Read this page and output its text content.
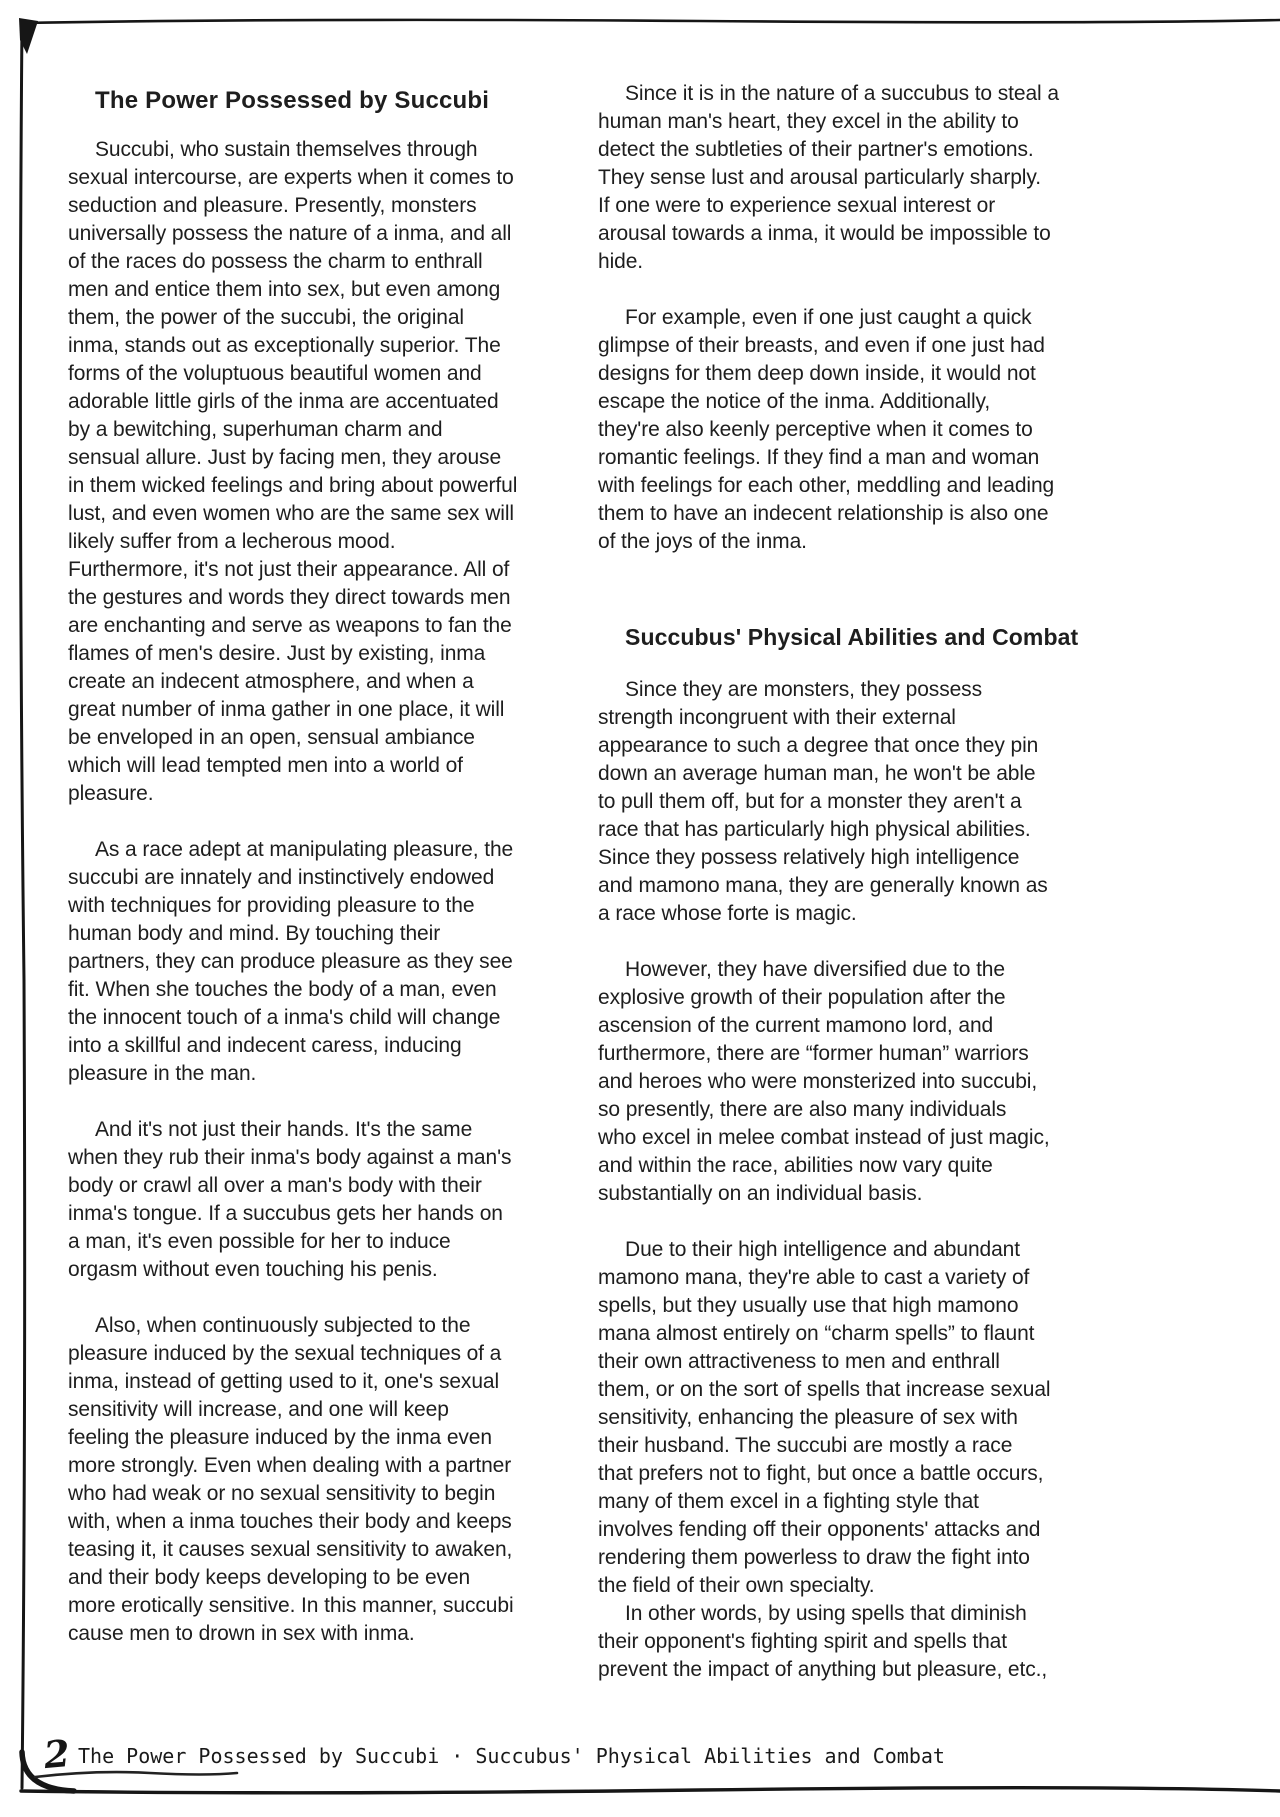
The Power Possessed by Succubi
Succubi, who sustain themselves through
sexual intercourse, are experts when it comes to
seduction and pleasure. Presently, monsters
universally possess the nature of a inma, and all
of the races do possess the charm to enthrall
men and entice them into sex, but even among
them, the power of the succubi, the original
inma, stands out as exceptionally superior. The
forms of the voluptuous beautiful women and
adorable little girls of the inma are accentuated
by a bewitching, superhuman charm and
sensual allure. Just by facing men, they arouse
in them wicked feelings and bring about powerful
lust, and even women who are the same sex will
likely suffer from a lecherous mood.
Furthermore, it's not just their appearance. All of
the gestures and words they direct towards men
are enchanting and serve as weapons to fan the
flames of men's desire. Just by existing, inma
create an indecent atmosphere, and when a
great number of inma gather in one place, it will
be enveloped in an open, sensual ambiance
which will lead tempted men into a world of
pleasure.
As a race adept at manipulating pleasure, the
succubi are innately and instinctively endowed
with techniques for providing pleasure to the
human body and mind. By touching their
partners, they can produce pleasure as they see
fit. When she touches the body of a man, even
the innocent touch of a inma's child will change
into a skillful and indecent caress, inducing
pleasure in the man.
And it's not just their hands. It's the same
when they rub their inma's body against a man's
body or crawl all over a man's body with their
inma's tongue. If a succubus gets her hands on
a man, it's even possible for her to induce
orgasm without even touching his penis.
Also, when continuously subjected to the
pleasure induced by the sexual techniques of a
inma, instead of getting used to it, one's sexual
sensitivity will increase, and one will keep
feeling the pleasure induced by the inma even
more strongly. Even when dealing with a partner
who had weak or no sexual sensitivity to begin
with, when a inma touches their body and keeps
teasing it, it causes sexual sensitivity to awaken,
and their body keeps developing to be even
more erotically sensitive. In this manner, succubi
cause men to drown in sex with inma.
Since it is in the nature of a succubus to steal a
human man's heart, they excel in the ability to
detect the subtleties of their partner's emotions.
They sense lust and arousal particularly sharply.
If one were to experience sexual interest or
arousal towards a inma, it would be impossible to
hide.
For example, even if one just caught a quick
glimpse of their breasts, and even if one just had
designs for them deep down inside, it would not
escape the notice of the inma. Additionally,
they're also keenly perceptive when it comes to
romantic feelings. If they find a man and woman
with feelings for each other, meddling and leading
them to have an indecent relationship is also one
of the joys of the inma.
Succubus' Physical Abilities and Combat
Since they are monsters, they possess
strength incongruent with their external
appearance to such a degree that once they pin
down an average human man, he won't be able
to pull them off, but for a monster they aren't a
race that has particularly high physical abilities.
Since they possess relatively high intelligence
and mamono mana, they are generally known as
a race whose forte is magic.
However, they have diversified due to the
explosive growth of their population after the
ascension of the current mamono lord, and
furthermore, there are “former human” warriors
and heroes who were monsterized into succubi,
so presently, there are also many individuals
who excel in melee combat instead of just magic,
and within the race, abilities now vary quite
substantially on an individual basis.
Due to their high intelligence and abundant
mamono mana, they're able to cast a variety of
spells, but they usually use that high mamono
mana almost entirely on “charm spells” to flaunt
their own attractiveness to men and enthrall
them, or on the sort of spells that increase sexual
sensitivity, enhancing the pleasure of sex with
their husband. The succubi are mostly a race
that prefers not to fight, but once a battle occurs,
many of them excel in a fighting style that
involves fending off their opponents' attacks and
rendering them powerless to draw the fight into
the field of their own specialty.
In other words, by using spells that diminish
their opponent's fighting spirit and spells that
prevent the impact of anything but pleasure, etc.,
2 The Power Possessed by Succubi · Succubus' Physical Abilities and Combat
